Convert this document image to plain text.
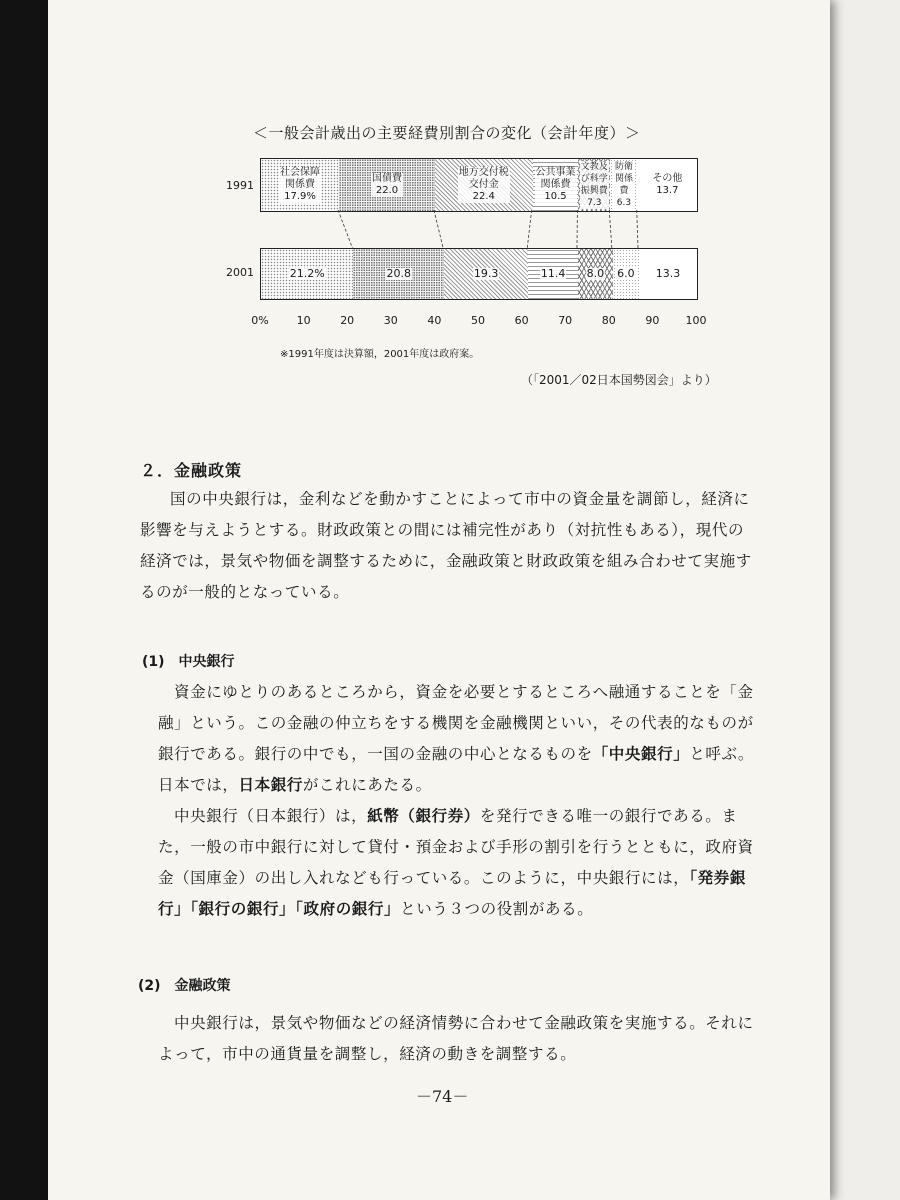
＜一般会計歳出の主要経費別割合の変化（会計年度）＞
1991
社会保障
関係費
17.9%
国債費
22.0
地方交付税
交付金
22.4
公共事業
関係費
10.5
文教及
び科学
振興費
7.3
防衛
関係
費
6.3
その他
13.7
2001	21.2%	20.8	19.3	11.4 8.0 6.0 13.3
0%	10	20	30	40	50	60	70	80	90 100
※1991年度は決算額，2001年度は政府案。
（「2001／02日本国勢図会」より）
２．金融政策

国の中央銀行は，金利などを動かすことによって市中の資金量を調節し，経済に影響を与えようとする。財政政策との間には補完性があり（対抗性もある），現代の経済では，景気や物価を調整するために，金融政策と財政政策を組み合わせて実施するのが一般的となっている。

(1)　中央銀行

資金にゆとりのあるところから，資金を必要とするところへ融通することを「金融」という。この金融の仲立ちをする機関を金融機関といい，その代表的なものが銀行である。銀行の中でも，一国の金融の中心となるものを「中央銀行」と呼ぶ。日本では，日本銀行がこれにあたる。

中央銀行（日本銀行）は，紙幣（銀行券）を発行できる唯一の銀行である。また，一般の市中銀行に対して貸付・預金および手形の割引を行うとともに，政府資金（国庫金）の出し入れなども行っている。このように，中央銀行には，「発券銀行」「銀行の銀行」「政府の銀行」という３つの役割がある。

(2)　金融政策

中央銀行は，景気や物価などの経済情勢に合わせて金融政策を実施する。それによって，市中の通貨量を調整し，経済の動きを調整する。

－74－
